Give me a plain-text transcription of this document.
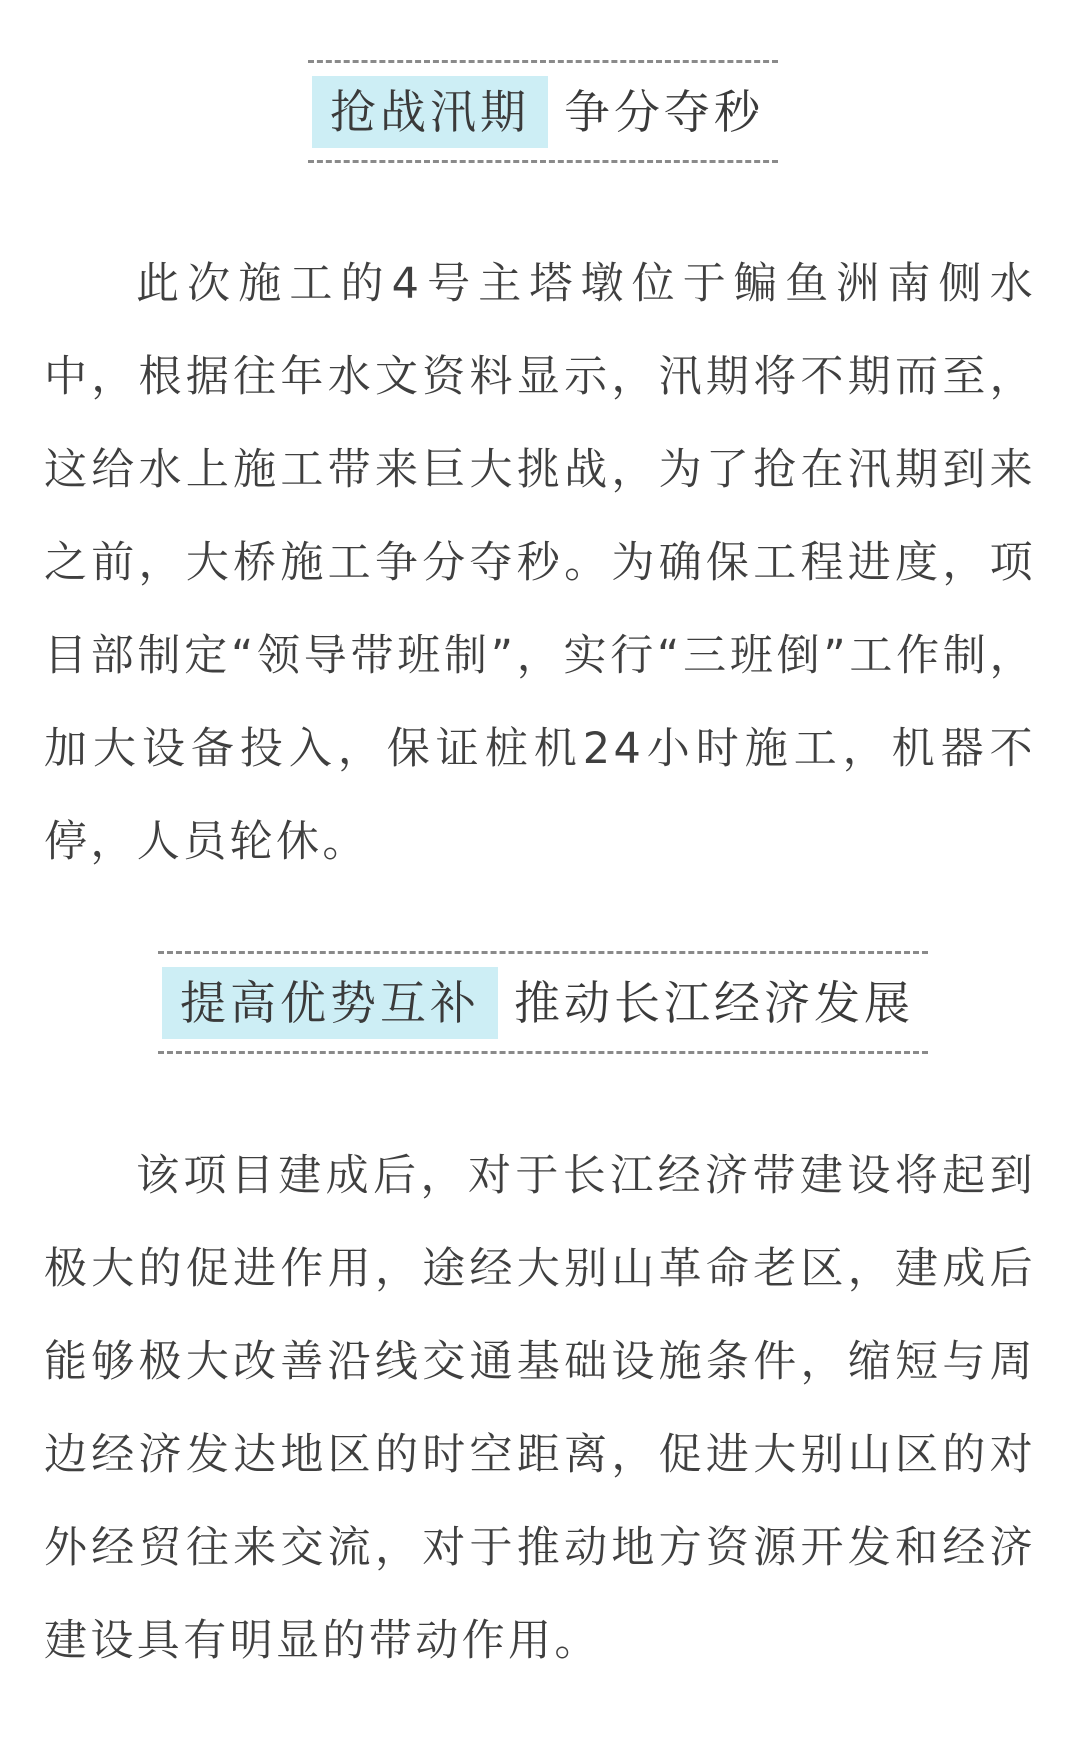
抢战汛期 争分夺秒

此次施工的4号主塔墩位于鳊鱼洲南侧水中，根据往年水文资料显示，汛期将不期而至，这给水上施工带来巨大挑战，为了抢在汛期到来之前，大桥施工争分夺秒。为确保工程进度，项目部制定“领导带班制”，实行“三班倒”工作制，加大设备投入，保证桩机24小时施工，机器不停，人员轮休。

提高优势互补 推动长江经济发展

该项目建成后，对于长江经济带建设将起到极大的促进作用，途经大别山革命老区，建成后能够极大改善沿线交通基础设施条件，缩短与周边经济发达地区的时空距离，促进大别山区的对外经贸往来交流，对于推动地方资源开发和经济建设具有明显的带动作用。
